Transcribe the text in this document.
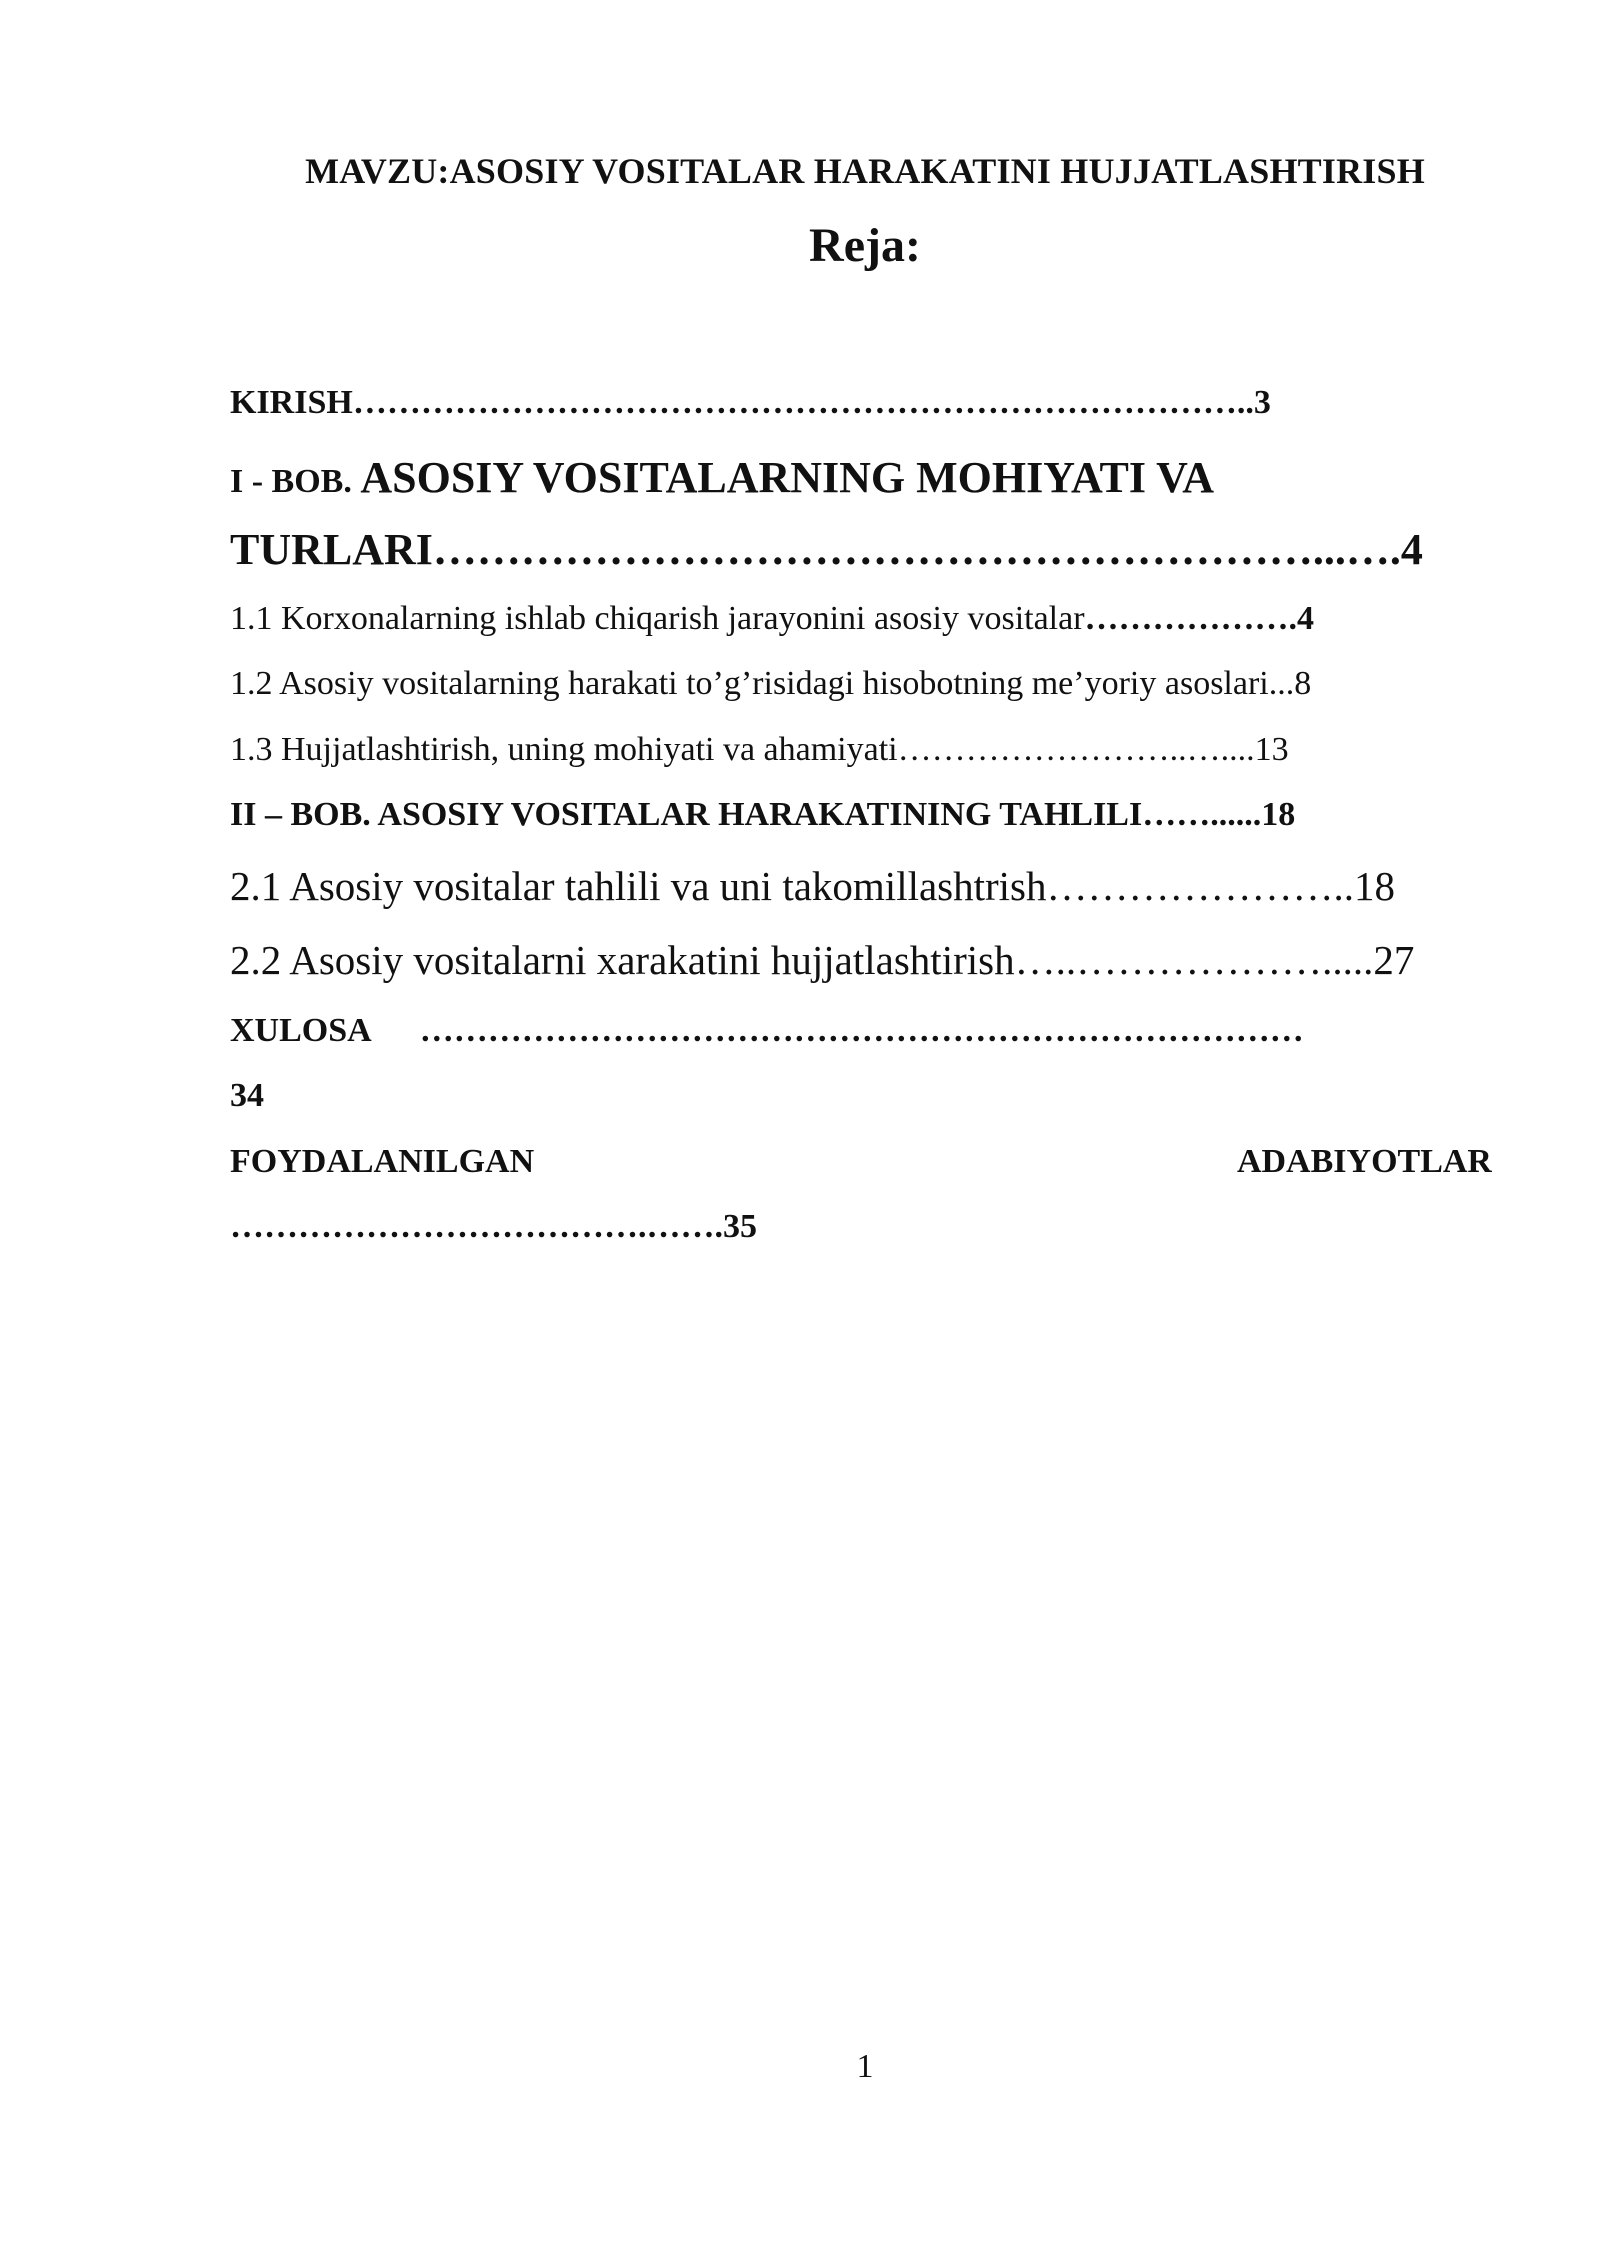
MAVZU:ASOSIY VOSITALAR HARAKATINI HUJJATLASHTIRISH
Reja:
KIRISH……………………………………………………………………..3
I - BOB. ASOSIY VOSITALARNING MOHIYATI VA
TURLARI……………………………………………………...….4
1.1 Korxonalarning ishlab chiqarish jarayonini asosiy vositalar……………….4
1.2 Asosiy vositalarning harakati to’g’risidagi hisobotning me’yoriy asoslari...8
1.3 Hujjatlashtirish, uning mohiyati va ahamiyati……………………..…....13
II – BOB. ASOSIY VOSITALAR HARAKATINING TAHLILI……......18
2.1 Asosiy vositalar tahlili va uni takomillashtrish…………………..18
2.2 Asosiy vositalarni xarakatini hujjatlashtirish…..……………….....27
XULOSA ……………………………………………………………………
34
FOYDALANILGAN	ADABIYOTLAR
……………………………….…….35
1
